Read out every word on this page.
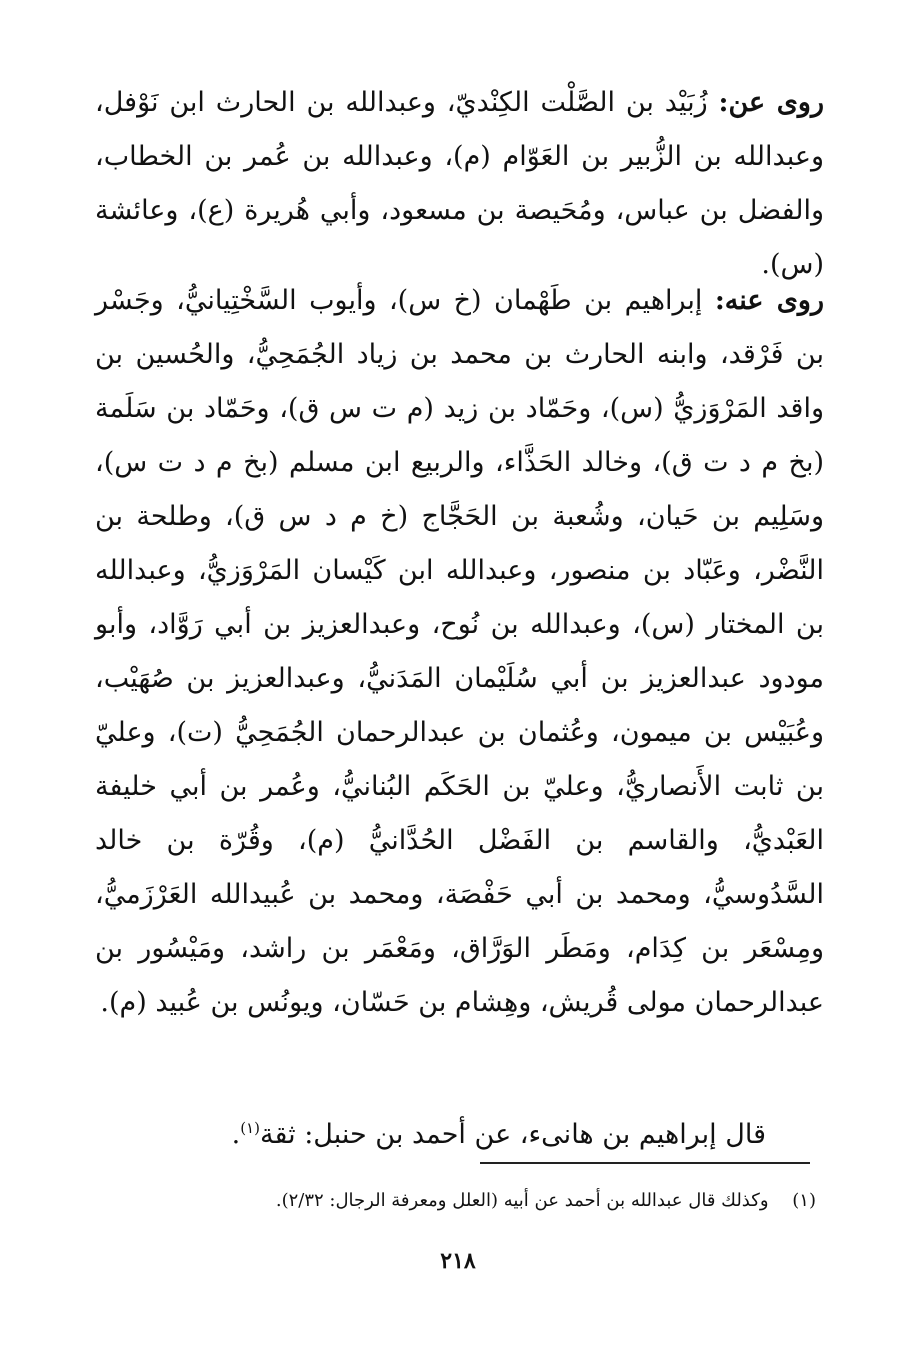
روى عن: زُبَيْد بن الصَّلْت الكِنْديّ، وعبدالله بن الحارث ابن نَوْفل، وعبدالله بن الزُّبير بن العَوّام (م)، وعبدالله بن عُمر بن الخطاب، والفضل بن عباس، ومُحَيصة بن مسعود، وأبي هُريرة (ع)، وعائشة (س).

روى عنه: إبراهيم بن طَهْمان (خ س)، وأيوب السَّخْتِيانيُّ، وجَسْر بن فَرْقد، وابنه الحارث بن محمد بن زياد الجُمَحِيُّ، والحُسين بن واقد المَرْوَزيُّ (س)، وحَمّاد بن زيد (م ت س ق)، وحَمّاد بن سَلَمة (بخ م د ت ق)، وخالد الحَذَّاء، والربيع ابن مسلم (بخ م د ت س)، وسَلِيم بن حَيان، وشُعبة بن الحَجَّاج (خ م د س ق)، وطلحة بن النَّضْر، وعَبّاد بن منصور، وعبدالله ابن كَيْسان المَرْوَزيُّ، وعبدالله بن المختار (س)، وعبدالله بن نُوح، وعبدالعزيز بن أبي رَوَّاد، وأبو مودود عبدالعزيز بن أبي سُلَيْمان المَدَنيُّ، وعبدالعزيز بن صُهَيْب، وعُبَيْس بن ميمون، وعُثمان بن عبدالرحمان الجُمَحِيُّ (ت)، وعليّ بن ثابت الأَنصاريُّ، وعليّ بن الحَكَم البُنانيُّ، وعُمر بن أبي خليفة العَبْديُّ، والقاسم بن الفَضْل الحُدَّانيُّ (م)، وقُرّة بن خالد السَّدُوسيُّ، ومحمد بن أبي حَفْصَة، ومحمد بن عُبيدالله العَرْزَميُّ، ومِسْعَر بن كِدَام، ومَطَر الوَرَّاق، ومَعْمَر بن راشد، ومَيْسُور بن عبدالرحمان مولى قُريش، وهِشام بن حَسّان، ويونُس بن عُبيد (م).

قال إبراهيم بن هانىء، عن أحمد بن حنبل: ثقة$^{(١)}$.

(١) وكذلك قال عبدالله بن أحمد عن أبيه (العلل ومعرفة الرجال: ٢/٣٢).

٢١٨
